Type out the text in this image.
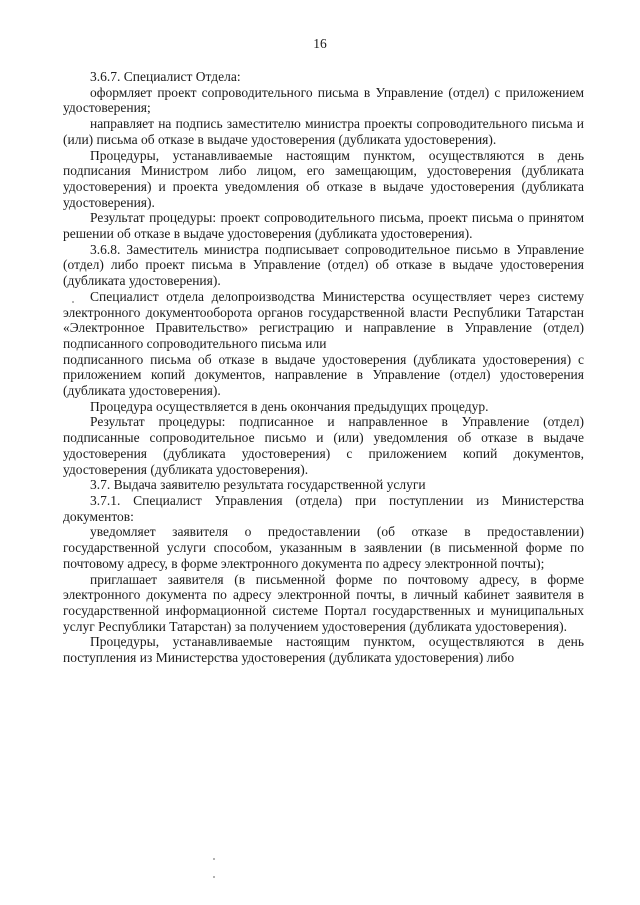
16

3.6.7. Специалист Отдела:

оформляет проект сопроводительного письма в Управление (отдел) с приложением удостоверения;

направляет на подпись заместителю министра проекты сопроводительного письма и (или) письма об отказе в выдаче удостоверения (дубликата удостоверения).

Процедуры, устанавливаемые настоящим пунктом, осуществляются в день подписания Министром либо лицом, его замещающим, удостоверения (дубликата удостоверения) и проекта уведомления об отказе в выдаче удостоверения (дубликата удостоверения).

Результат процедуры: проект сопроводительного письма, проект письма о принятом решении об отказе в выдаче удостоверения (дубликата удостоверения).

3.6.8. Заместитель министра подписывает сопроводительное письмо в Управление (отдел) либо проект письма в Управление (отдел) об отказе в выдаче удостоверения (дубликата удостоверения).

Специалист отдела делопроизводства Министерства осуществляет через систему электронного документооборота органов государственной власти Республики Татарстан «Электронное Правительство» регистрацию и направление в Управление (отдел) подписанного сопроводительного письма или

подписанного письма об отказе в выдаче удостоверения (дубликата удостоверения) с приложением копий документов, направление в Управление (отдел) удостоверения (дубликата удостоверения).

Процедура осуществляется в день окончания предыдущих процедур.

Результат процедуры: подписанное и направленное в Управление (отдел) подписанные сопроводительное письмо и (или) уведомления об отказе в выдаче удостоверения (дубликата удостоверения) с приложением копий документов, удостоверения (дубликата удостоверения).

3.7. Выдача заявителю результата государственной услуги

3.7.1. Специалист Управления (отдела) при поступлении из Министерства документов:

уведомляет заявителя о предоставлении (об отказе в предоставлении) государственной услуги способом, указанным в заявлении (в письменной форме по почтовому адресу, в форме электронного документа по адресу электронной почты);

приглашает заявителя (в письменной форме по почтовому адресу, в форме электронного документа по адресу электронной почты, в личный кабинет заявителя в государственной информационной системе Портал государственных и муниципальных услуг Республики Татарстан) за получением удостоверения (дубликата удостоверения).

Процедуры, устанавливаемые настоящим пунктом, осуществляются в день поступления из Министерства удостоверения (дубликата удостоверения) либо
